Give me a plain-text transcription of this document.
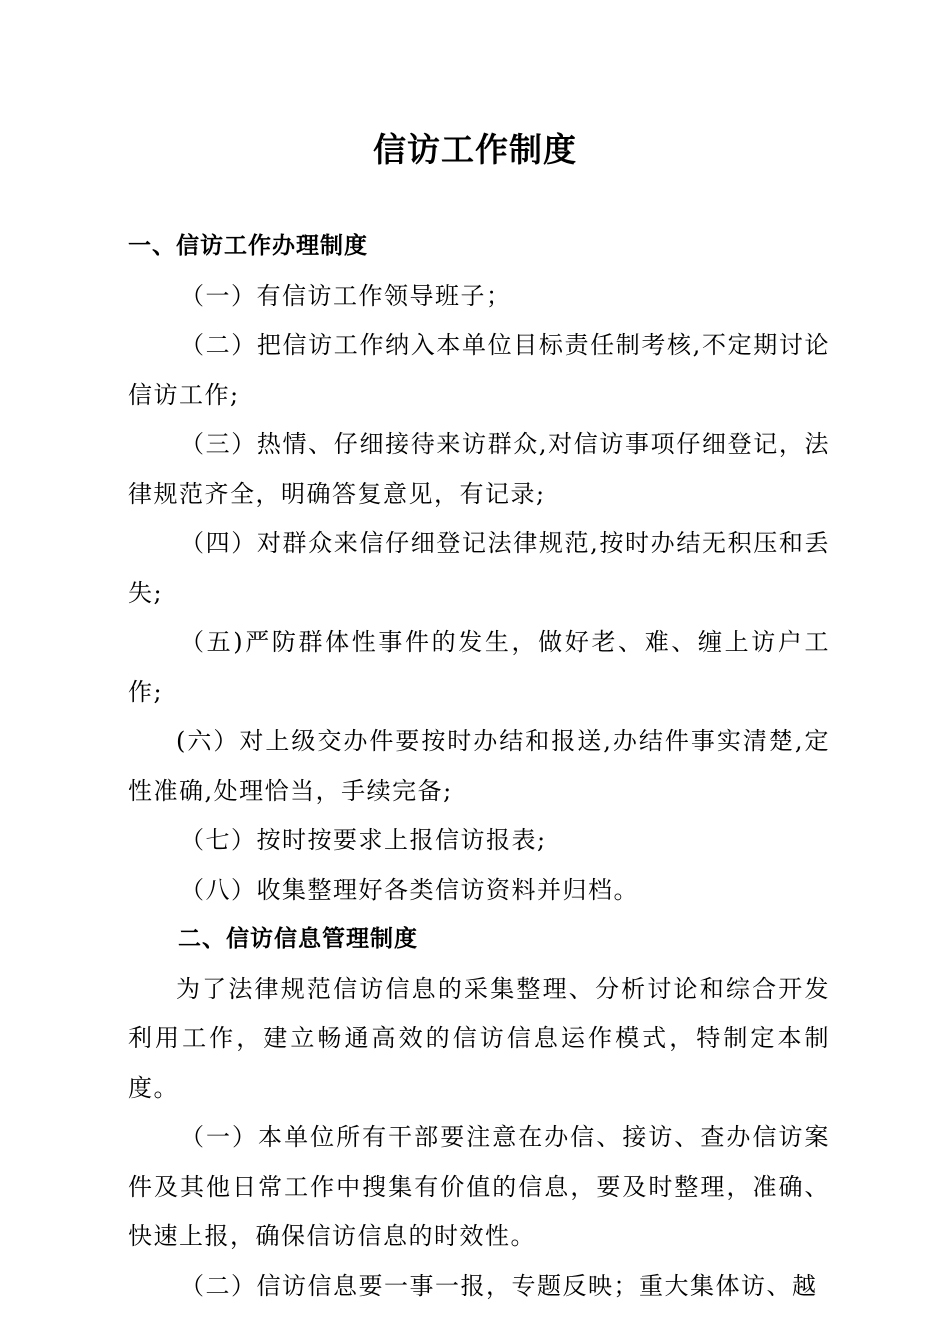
信访工作制度

一、信访工作办理制度

（一）有信访工作领导班子；

（二）把信访工作纳入本单位目标责任制考核,不定期讨论信访工作;

（三）热情、仔细接待来访群众,对信访事项仔细登记，法律规范齐全，明确答复意见，有记录;

（四）对群众来信仔细登记法律规范,按时办结无积压和丢失;

（五)严防群体性事件的发生，做好老、难、缠上访户工作;

(六）对上级交办件要按时办结和报送,办结件事实清楚,定性准确,处理恰当，手续完备;

（七）按时按要求上报信访报表;

（八）收集整理好各类信访资料并归档。

二、信访信息管理制度

为了法律规范信访信息的采集整理、分析讨论和综合开发利用工作，建立畅通高效的信访信息运作模式，特制定本制度。

（一）本单位所有干部要注意在办信、接访、查办信访案件及其他日常工作中搜集有价值的信息，要及时整理，准确、快速上报，确保信访信息的时效性。

（二）信访信息要一事一报，专题反映；重大集体访、越
